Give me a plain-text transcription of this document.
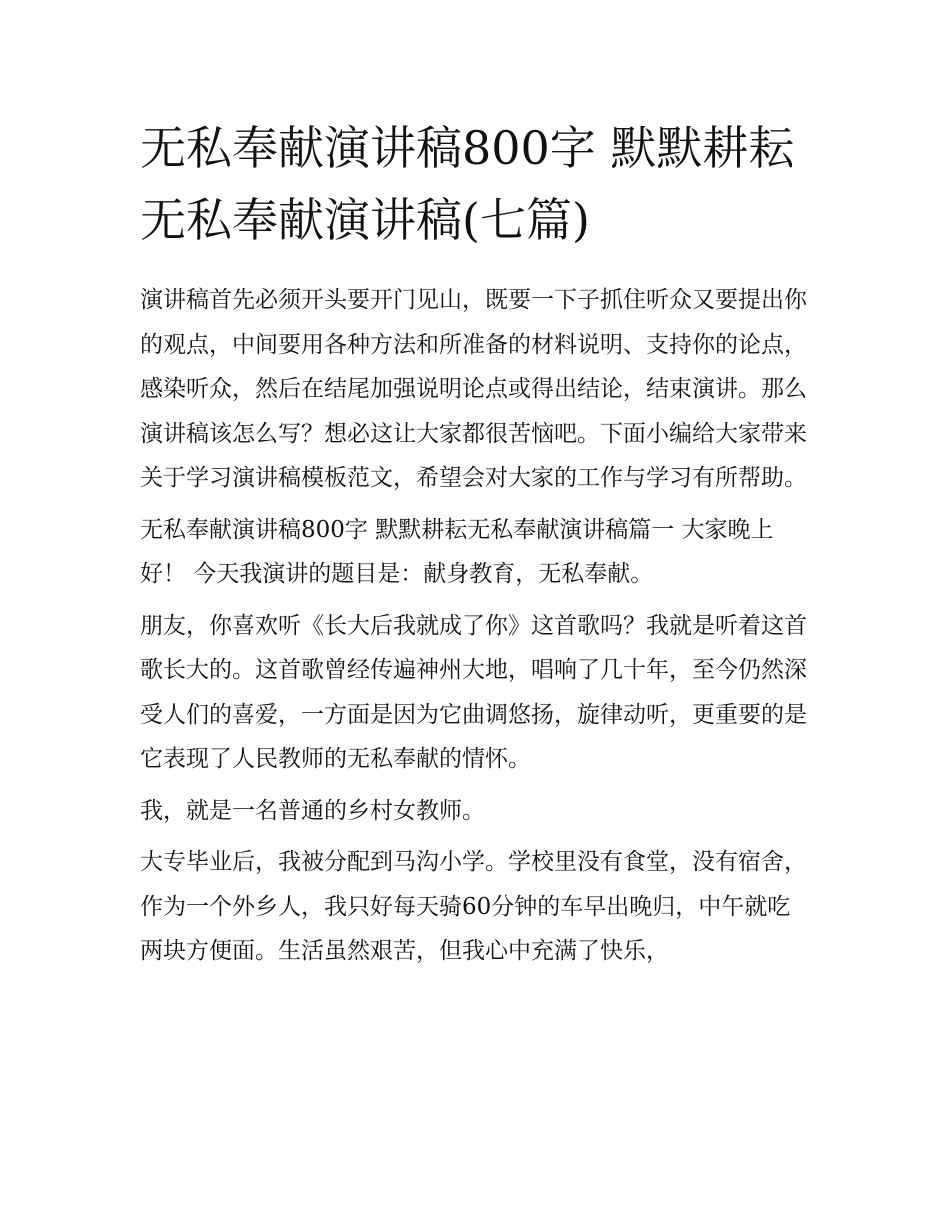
无私奉献演讲稿800字 默默耕耘无私奉献演讲稿(七篇)

演讲稿首先必须开头要开门见山，既要一下子抓住听众又要提出你的观点，中间要用各种方法和所准备的材料说明、支持你的论点，感染听众，然后在结尾加强说明论点或得出结论，结束演讲。那么演讲稿该怎么写？想必这让大家都很苦恼吧。下面小编给大家带来关于学习演讲稿模板范文，希望会对大家的工作与学习有所帮助。

无私奉献演讲稿800字 默默耕耘无私奉献演讲稿篇一 大家晚上好！ 今天我演讲的题目是：献身教育，无私奉献。

朋友，你喜欢听《长大后我就成了你》这首歌吗？我就是听着这首歌长大的。这首歌曾经传遍神州大地，唱响了几十年，至今仍然深受人们的喜爱，一方面是因为它曲调悠扬，旋律动听，更重要的是它表现了人民教师的无私奉献的情怀。

我，就是一名普通的乡村女教师。

大专毕业后，我被分配到马沟小学。学校里没有食堂，没有宿舍，作为一个外乡人，我只好每天骑60分钟的车早出晚归，中午就吃两块方便面。生活虽然艰苦，但我心中充满了快乐，
